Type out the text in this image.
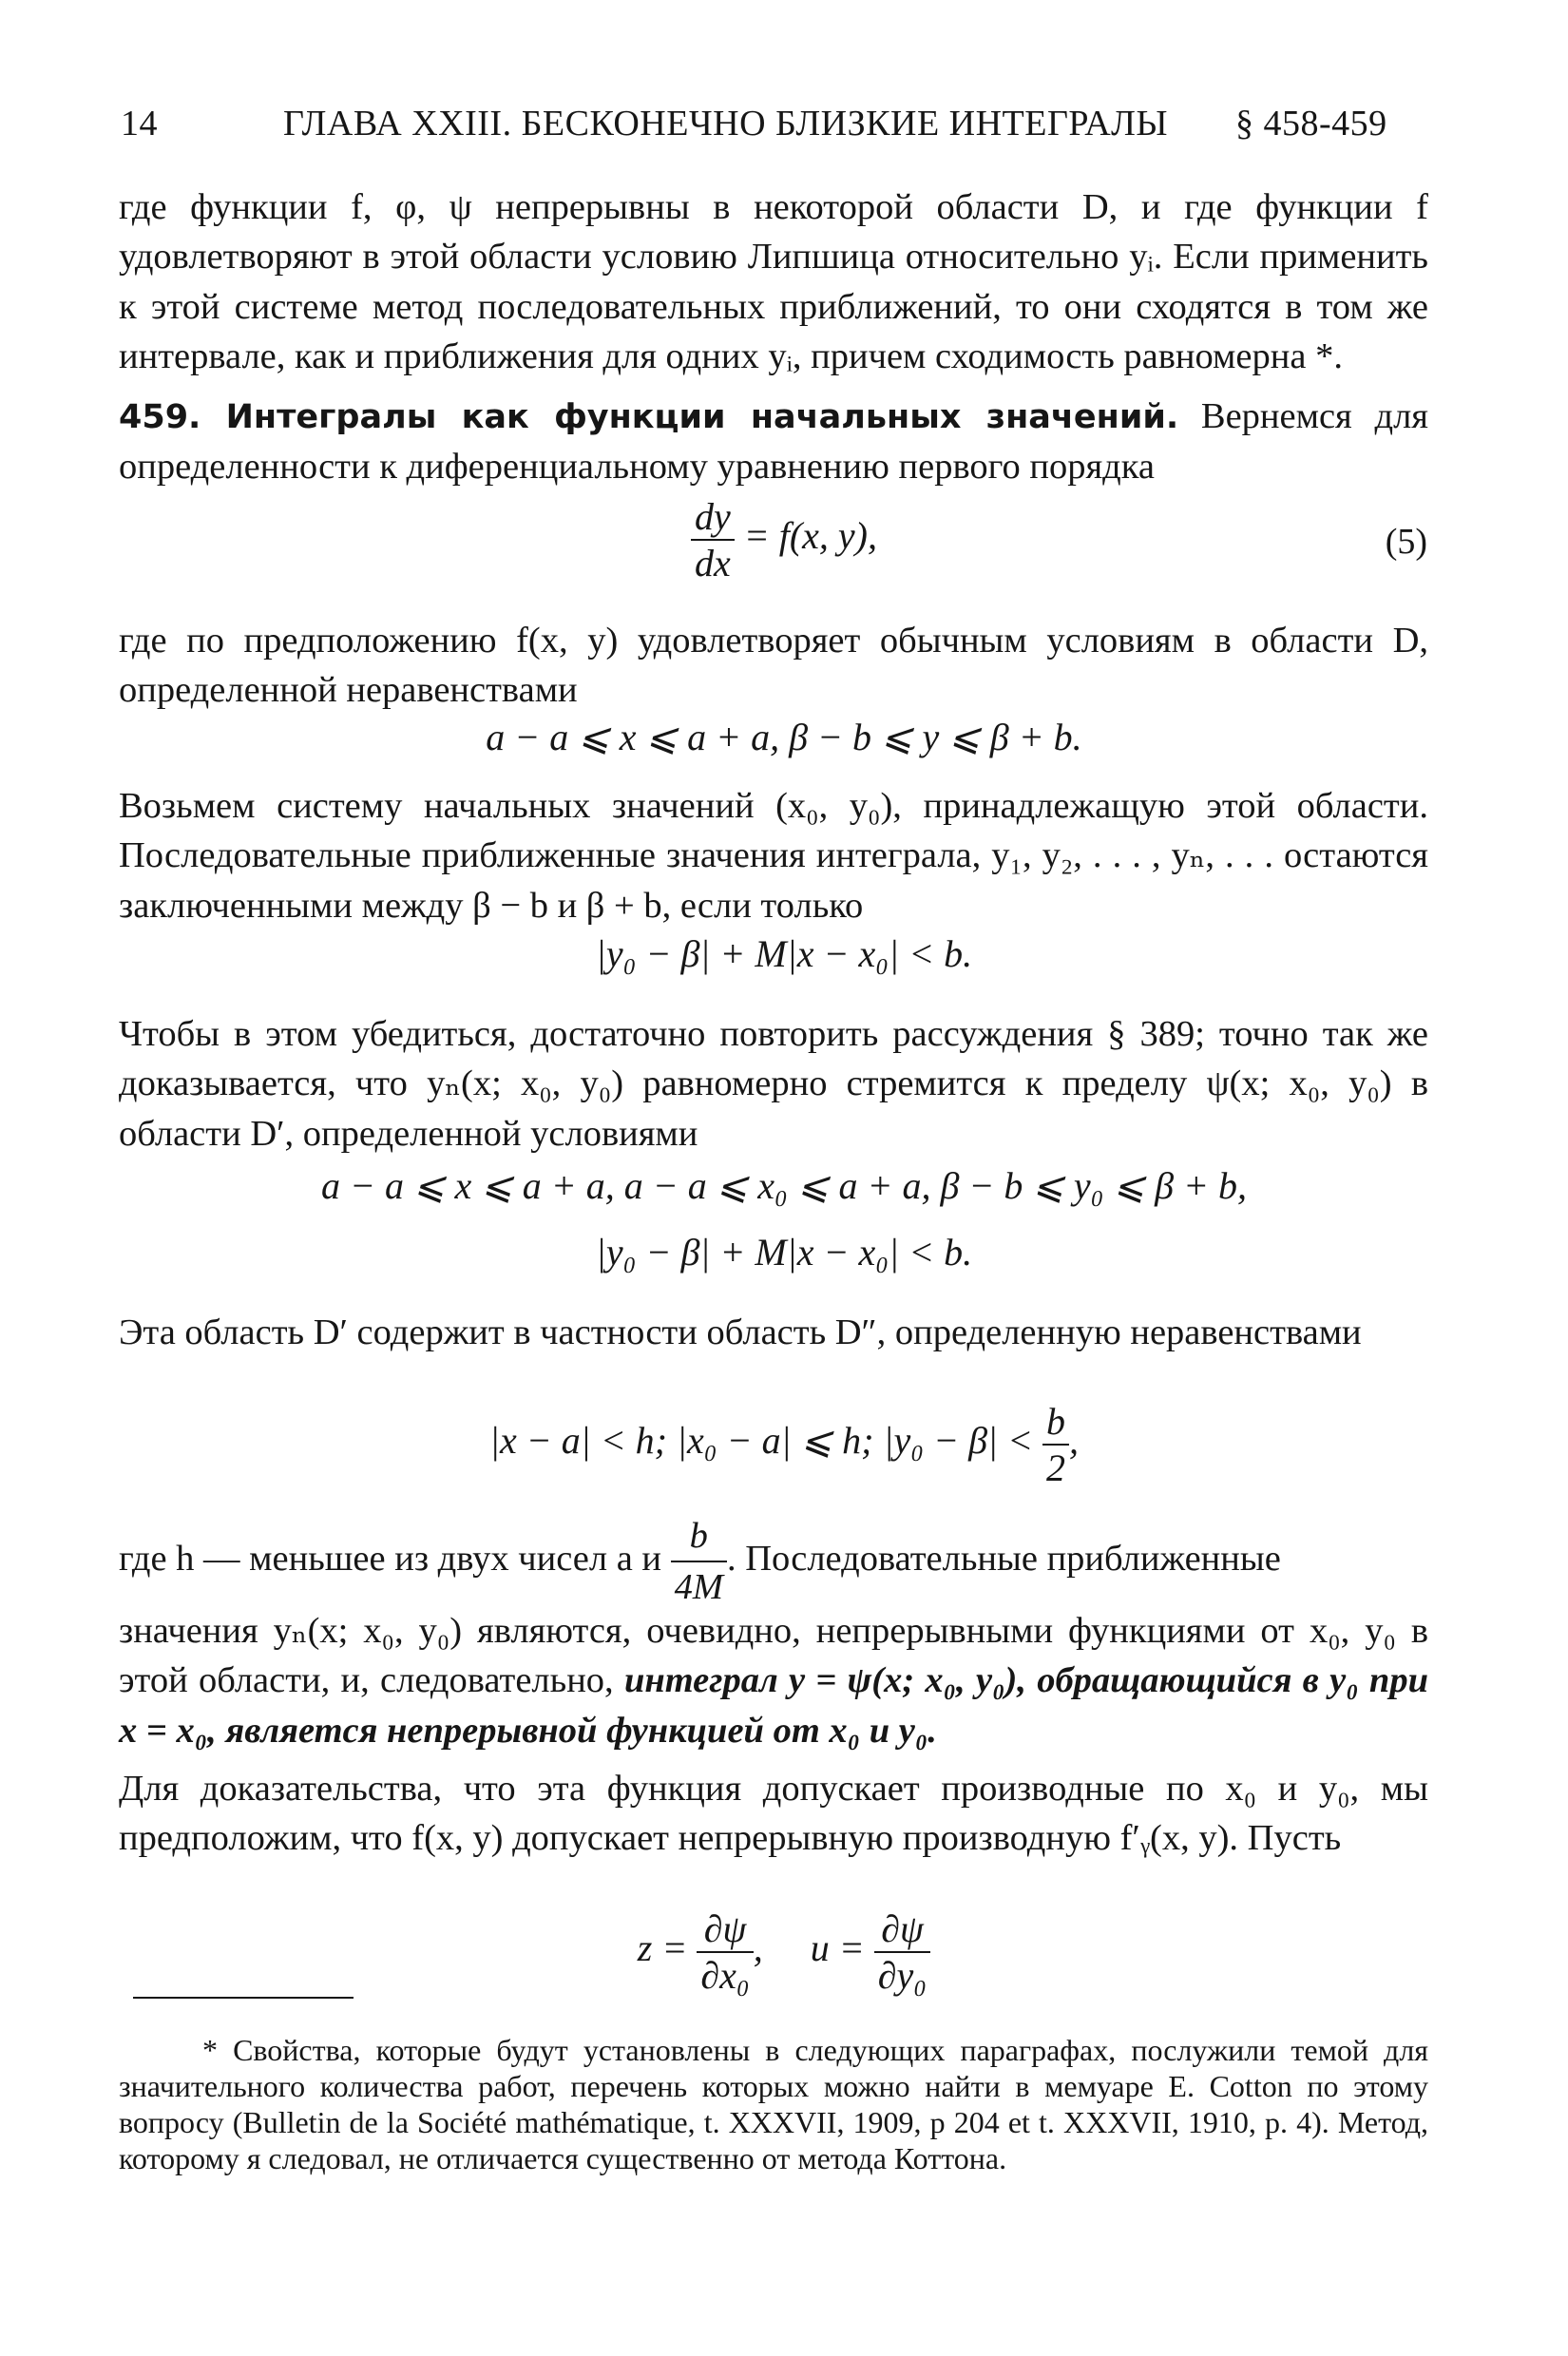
14	ГЛАВА XXIII. БЕСКОНЕЧНО БЛИЗКИЕ ИНТЕГРАЛЫ § 458-459
где функции f, φ, ψ непрерывны в некоторой области D, и где функции f удовлетворяют в этой области условию Липшица относительно yᵢ. Если применить к этой системе метод последовательных приближений, то они сходятся в том же интервале, как и приближения для одних yᵢ, причем сходимость равномерна *.
459. Интегралы как функции начальных значений. Вернемся для определенности к диференциальному уравнению первого порядка
$\frac{dy}{dx} = f(x$, y),	(5)
где по предположению f(x, y) удовлетворяет обычным условиям в области D, определенной неравенствами
a − a ⩽ x ⩽ a + a, β − b ⩽ y ⩽ β + b.
Возьмем систему начальных значений (x₀, y₀), принадлежащую этой области. Последовательные приближенные значения интеграла, y₁, y₂, . . . , yₙ, . . . остаются заключенными между β − b и β + b, если только
|y₀ − β| + M|x − x₀| < b.
Чтобы в этом убедиться, достаточно повторить рассуждения § 389; точно так же доказывается, что yₙ(x; x₀, y₀) равномерно стремится к пределу ψ(x; x₀, y₀) в области D′, определенной условиями
a − a ⩽ x ⩽ a + a, a − a ⩽ x₀ ⩽ a + a, β − b ⩽ y₀ ⩽ β + b,
|y₀ − β| + M|x − x₀| < b.
Эта область D′ содержит в частности область D″, определенную неравенствами
|x − a| < h; |x₀ − a| ⩽ h; $|y_0 - \beta| < \frac{b}{2}$ ,
где h — меньшее из двух чисел a и $\frac{b}{4M}$ . Последовательные приближенные
значения yₙ(x; x₀, y₀) являются, очевидно, непрерывными функциями от x₀, y₀ в этой области, и, следовательно, интеграл y = ψ(x; x₀, y₀), обращающийся в y₀ при x = x₀, является непрерывной функцией от x₀ и y₀.
Для доказательства, что эта функция допускает производные по x₀ и y₀, мы предположим, что f(x, y) допускает непрерывную производную f′ᵧ(x, y). Пусть
$z = \frac{\partial\psi}{\text{∂x₀}}$ , $u = \frac{\partial\psi}{\text{∂y₀}}$
* Свойства, которые будут установлены в следующих параграфах, послужили темой для значительного количества работ, перечень которых можно найти в мемуаре E. Cotton по этому вопросу (Bulletin de la Société mathématique, t. XXXVII, 1909, p 204 et t. XXXVII, 1910, p. 4). Метод, которому я следовал, не отличается существенно от метода Коттона.
